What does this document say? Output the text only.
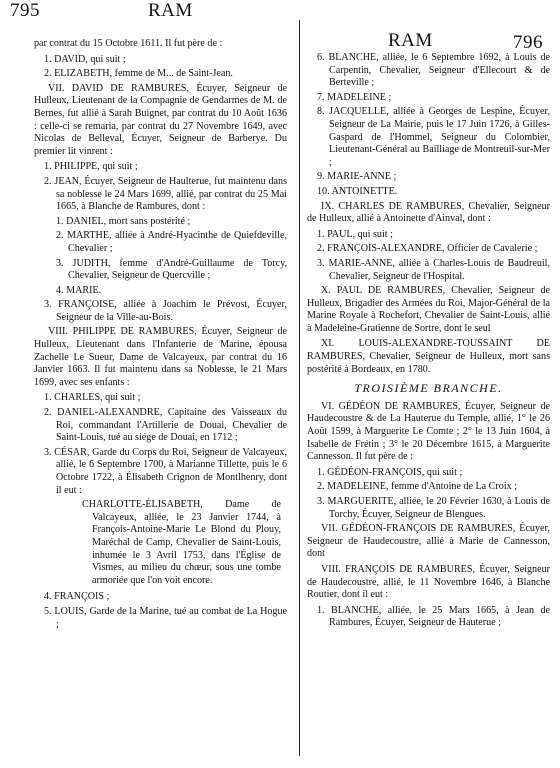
795	RAM
RAM	796

par contrat du 15 Octobre 1611. Il fut père de :

1. DAVID, qui suit ;

2. ELIZABETH, femme de M... de Saint-Jean.

VII. DAVID DE RAMBURES, Écuyer, Seigneur de Hulleux, Lieutenant de la Compagnie de Gendarmes de M. de Bernes, fut allié à Sarah Buignet, par contrat du 10 Août 1636 : celle-ci se remaria, par contrat du 27 Novembre 1649, avec Nicolas de Belleval, Écuyer, Seigneur de Barberye. Du premier lit vinrent :

1. PHILIPPE, qui suit ;

2. JEAN, Écuyer, Seigneur de Haulterue, fut maintenu dans sa noblesse le 24 Mars 1699, allié, par contrat du 25 Mai 1665, à Blanche de Rambures, dont :

1. DANIEL, mort sans postérité ;

2. MARTHE, alliée à André-Hyacinthe de Quiefdeville, Chevalier ;

3. JUDITH, femme d'André-Guillaume de Torcy, Chevalier, Seigneur de Quercville ;

4. MARIE.

3. FRANÇOISE, alliée à Joachim le Prévost, Écuyer, Seigneur de la Ville-au-Bois.

VIII. PHILIPPE DE RAMBURES, Écuyer, Seigneur de Hulleux, Lieutenant dans l'Infanterie de Marine, épousa Zachelle Le Sueur, Dame de Valcayeux, par contrat du 16 Janvier 1663. Il fut maintenu dans sa Noblesse, le 21 Mars 1699, avec ses enfants :

1. CHARLES, qui suit ;

2. DANIEL-ALEXANDRE, Capitaine des Vaisseaux du Roi, commandant l'Artillerie de Douai, Chevalier de Saint-Louis, tué au siége de Douai, en 1712 ;

3. CÉSAR, Garde du Corps du Roi, Seigneur de Valcayeux, allié, le 6 Septembre 1700, à Marianne Tillette, puis le 6 Octobre 1722, à Élisabeth Crignon de Montlhenry, dont il eut :

CHARLOTTE-ÉLISABETH, Dame de Valcayeux, alliée, le 23 Janvier 1744, à François-Antoine-Marie Le Blond du Plouy, Maréchal de Camp, Chevalier de Saint-Louis, inhumée le 3 Avril 1753, dans l'Église de Vismes, au milieu du chœur, sous une tombe armoriée que l'on voit encore.

4. FRANÇOIS ;

5. LOUIS, Garde de la Marine, tué au combat de La Hogue ;

6. BLANCHE, alliée, le 6 Septembre 1692, à Louis de Carpentin, Chevalier, Seigneur d'Ellecourt & de Berteville ;

7. MADELEINE ;

8. JACQUELLE, alliée à Georges de Lespine, Écuyer, Seigneur de La Mairie, puis le 17 Juin 1726, à Gilles-Gaspard de l'Hommel, Seigneur du Colombier, Lieutenant-Général au Bailliage de Montreuil-sur-Mer ;

9. MARIE-ANNE ;

10. ANTOINETTE.

IX. CHARLES DE RAMBURES, Chevalier, Seigneur de Hulleux, allié à Antoinette d'Ainval, dont :

1. PAUL, qui suit ;

2. FRANÇOIS-ALEXANDRE, Officier de Cavalerie ;

3. MARIE-ANNE, alliée à Charles-Louis de Baudreuil, Chevalier, Seigneur de l'Hospital.

X. PAUL DE RAMBURES, Chevalier, Seigneur de Hulleux, Brigadier des Armées du Roi, Major-Général de la Marine Royale à Rochefort, Chevalier de Saint-Louis, allié à Madeleine-Gratienne de Sortre, dont le seul

XI. LOUIS-ALEXANDRE-TOUSSAINT DE RAMBURES, Chevalier, Seigneur de Hulleux, mort sans postérité à Bordeaux, en 1780.

TROISIÈME BRANCHE.

VI. GÉDÉON DE RAMBURES, Écuyer, Seigneur de Haudecoustre & de La Hauterue du Temple, allié, 1° le 26 Août 1599, à Marguerite Le Comte ; 2° le 13 Juin 1604, à Isabelle de Frétin ; 3° le 20 Décembre 1615, à Marguerite Cannesson. Il fut père de :

1. GÉDÉON-FRANÇOIS, qui suit ;

2. MADELEINE, femme d'Antoine de La Croix ;

3. MARGUERITE, alliée, le 20 Février 1630, à Louis de Torchy, Écuyer, Seigneur de Blengues.

VII. GÉDÉON-FRANÇOIS DE RAMBURES, Écuyer, Seigneur de Haudecoustre, allié à Marie de Cannesson, dont

VIII. FRANÇOIS DE RAMBURES, Écuyer, Seigneur de Haudecoustre, allié, le 11 Novembre 1646, à Blanche Routier, dont il eut :

1. BLANCHE, alliée, le 25 Mars 1665, à Jean de Rambures, Écuyer, Seigneur de Hauterue ;
